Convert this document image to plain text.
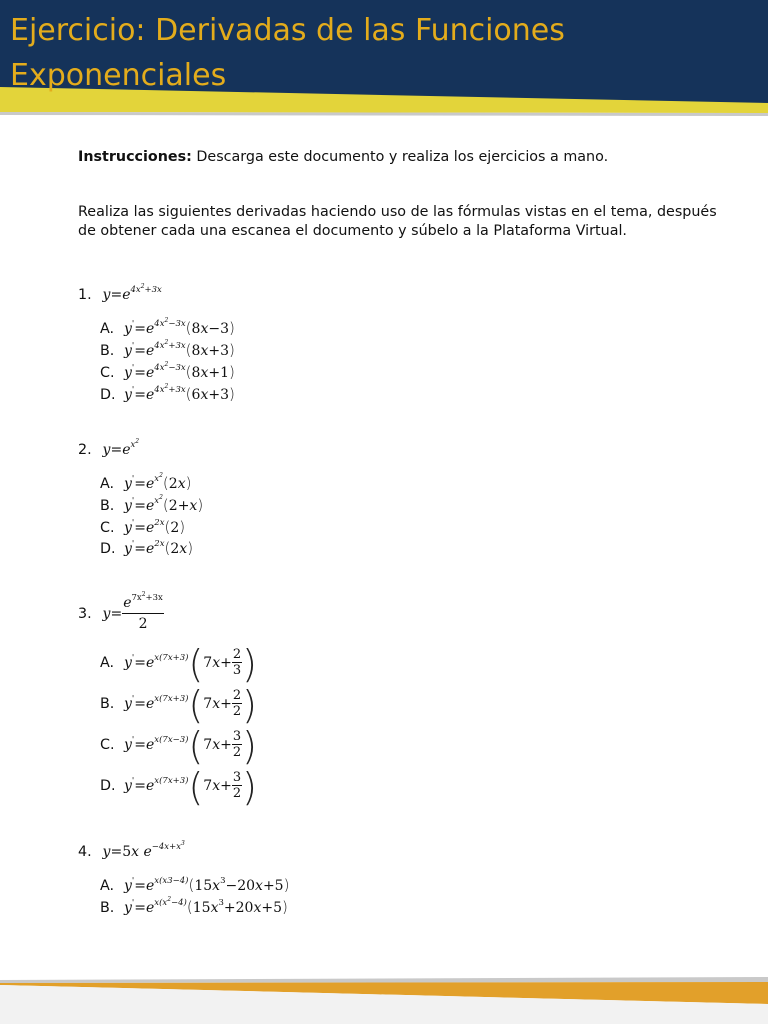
Ejercicio: Derivadas de las Funciones Exponenciales

Instrucciones: Descarga este documento y realiza los ejercicios a mano.

Realiza las siguientes derivadas haciendo uso de las fórmulas vistas en el tema, después de obtener cada una escanea el documento y súbelo a la Plataforma Virtual.

1. $y=e^{4x^2+3x}$
A. $y'=e^{4x^2-3x}(8x-3)$
B. $y'=e^{4x^2+3x}(8x+3)$
C. $y'=e^{4x^2-3x}(8x+1)$
D. $y'=e^{4x^2+3x}(6x+3)$
2. $y=e^{x^2}$
A. $y'=e^{x^2}(2x)$
B. $y'=e^{x^2}(2+x)$
C. $y'=e^{2x}(2)$
D. $y'=e^{2x}(2x)$
3. $y= \frac{e^{7x^2+3x}}{2}$
A. $y'=e^{x(7x+3)}(7x+ \frac{2}{3}$ )
B. $y'=e^{x(7x+3)}(7x+ \frac{2}{2}$ )
C. $y'=e^{x(7x-3)}(7x+ \frac{3}{2}$ )
D. $y'=e^{x(7x+3)}(7x+ \frac{3}{2}$ )
4. y=5x $e^{-4x+x^3}$
A. $y'=e^{x(x3-4)}(15x^3-20x+5)$
B. $y'=e^{x(x^2-4)}(15x^3+20x+5)$
